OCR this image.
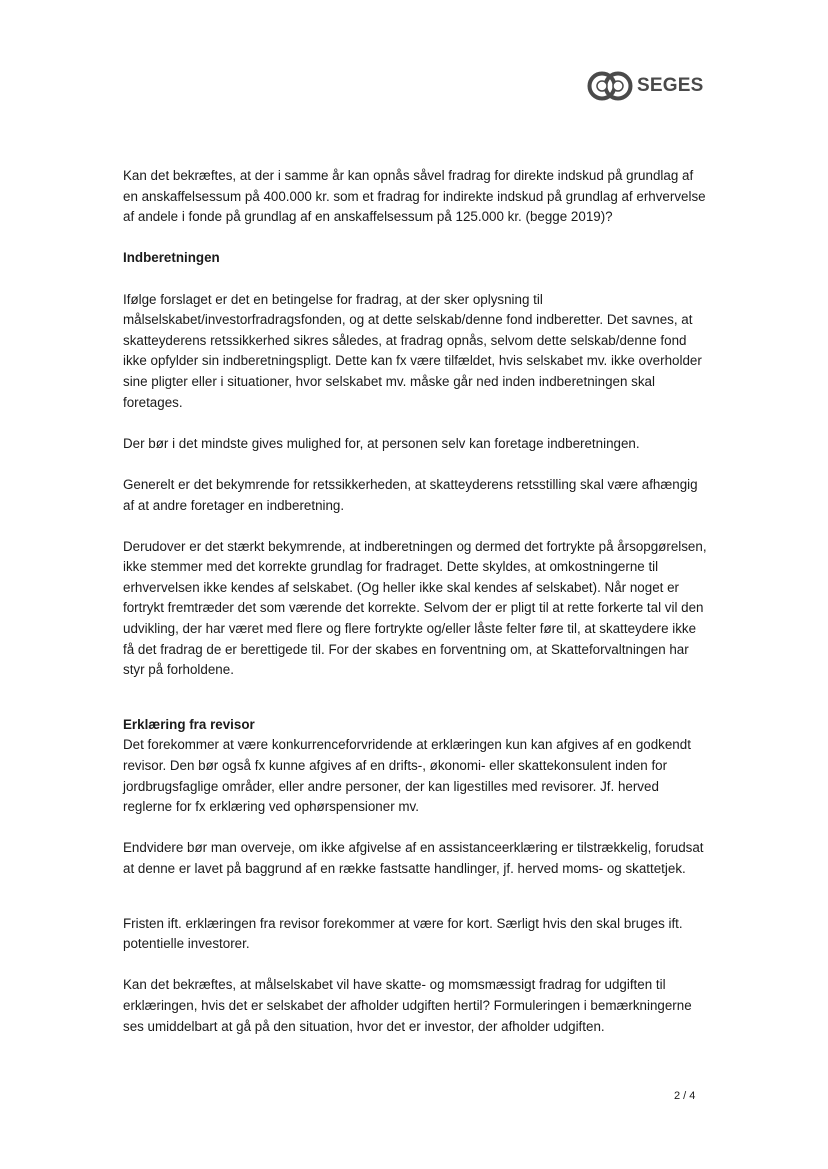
SEGES

Kan det bekræftes, at der i samme år kan opnås såvel fradrag for direkte indskud på grundlag af en anskaffelsessum på 400.000 kr. som et fradrag for indirekte indskud på grundlag af erhvervelse af andele i fonde på grundlag af en anskaffelsessum på 125.000 kr. (begge 2019)?

Indberetningen

Ifølge forslaget er det en betingelse for fradrag, at der sker oplysning til målselskabet/investorfradragsfonden, og at dette selskab/denne fond indberetter. Det savnes, at skatteyderens retssikkerhed sikres således, at fradrag opnås, selvom dette selskab/denne fond ikke opfylder sin indberetningspligt. Dette kan fx være tilfældet, hvis selskabet mv. ikke overholder sine pligter eller i situationer, hvor selskabet mv. måske går ned inden indberetningen skal foretages.

Der bør i det mindste gives mulighed for, at personen selv kan foretage indberetningen.

Generelt er det bekymrende for retssikkerheden, at skatteyderens retsstilling skal være afhængig af at andre foretager en indberetning.

Derudover er det stærkt bekymrende, at indberetningen og dermed det fortrykte på årsopgørelsen, ikke stemmer med det korrekte grundlag for fradraget. Dette skyldes, at omkostningerne til erhvervelsen ikke kendes af selskabet. (Og heller ikke skal kendes af selskabet). Når noget er fortrykt fremtræder det som værende det korrekte. Selvom der er pligt til at rette forkerte tal vil den udvikling, der har været med flere og flere fortrykte og/eller låste felter føre til, at skatteydere ikke få det fradrag de er berettigede til. For der skabes en forventning om, at Skatteforvaltningen har styr på forholdene.

Erklæring fra revisor

Det forekommer at være konkurrenceforvridende at erklæringen kun kan afgives af en godkendt revisor. Den bør også fx kunne afgives af en drifts-, økonomi- eller skattekonsulent inden for jordbrugsfaglige områder, eller andre personer, der kan ligestilles med revisorer. Jf. herved reglerne for fx erklæring ved ophørspensioner mv.

Endvidere bør man overveje, om ikke afgivelse af en assistanceerklæring er tilstrækkelig, forudsat at denne er lavet på baggrund af en række fastsatte handlinger, jf. herved moms- og skattetjek.

Fristen ift. erklæringen fra revisor forekommer at være for kort. Særligt hvis den skal bruges ift. potentielle investorer.

Kan det bekræftes, at målselskabet vil have skatte- og momsmæssigt fradrag for udgiften til erklæringen, hvis det er selskabet der afholder udgiften hertil? Formuleringen i bemærkningerne ses umiddelbart at gå på den situation, hvor det er investor, der afholder udgiften.

2 / 4
